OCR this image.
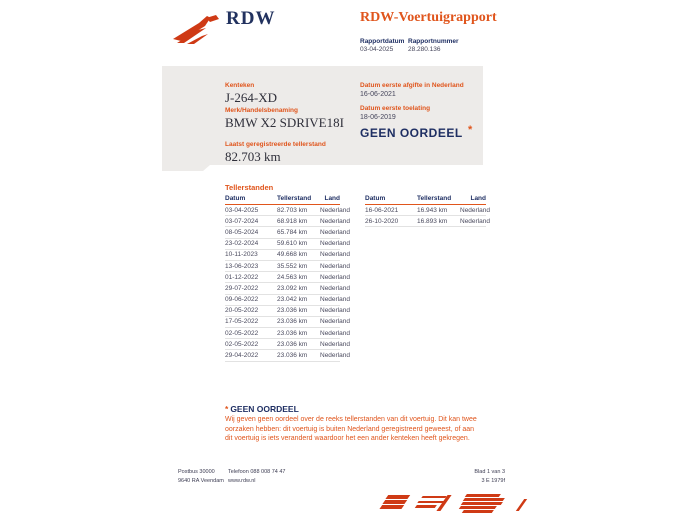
RDW	RDW-Voertuigrapport
Rapportdatum
03-04-2025
Rapportnummer
28.280.136
Kenteken
J-264-XD
Merk/Handelsbenaming
BMW X2 SDRIVE18I
Laatst geregistreerde tellerstand
82.703 km
Datum eerste afgifte in Nederland
16-06-2021
Datum eerste toelating
18-06-2019
GEEN OORDEEL *
Tellerstanden
Datum	Tellerstand	Land
03-04-2025	82.703 km	Nederland
03-07-2024	68.918 km	Nederland
08-05-2024	65.784 km	Nederland
23-02-2024	59.610 km	Nederland
10-11-2023	49.668 km	Nederland
13-06-2023	35.552 km	Nederland
01-12-2022	24.563 km	Nederland
29-07-2022	23.092 km	Nederland
09-06-2022	23.042 km	Nederland
20-05-2022	23.036 km	Nederland
17-05-2022	23.036 km	Nederland
02-05-2022	23.036 km	Nederland
02-05-2022	23.036 km	Nederland
29-04-2022	23.036 km	Nederland
Datum	Tellerstand	Land
16-06-2021	16.943 km	Nederland
26-10-2020	16.893 km	Nederland
* GEEN OORDEEL
Wij geven geen oordeel over de reeks tellerstanden van dit voertuig. Dit kan twee oorzaken hebben: dit voertuig is buiten Nederland geregistreerd geweest, of aan dit voertuig is iets veranderd waardoor het een ander kenteken heeft gekregen.
Postbus 30000
9640 RA Veendam
Telefoon 088 008 74 47
www.rdw.nl
Blad 1 van 3
3 E 1979f
